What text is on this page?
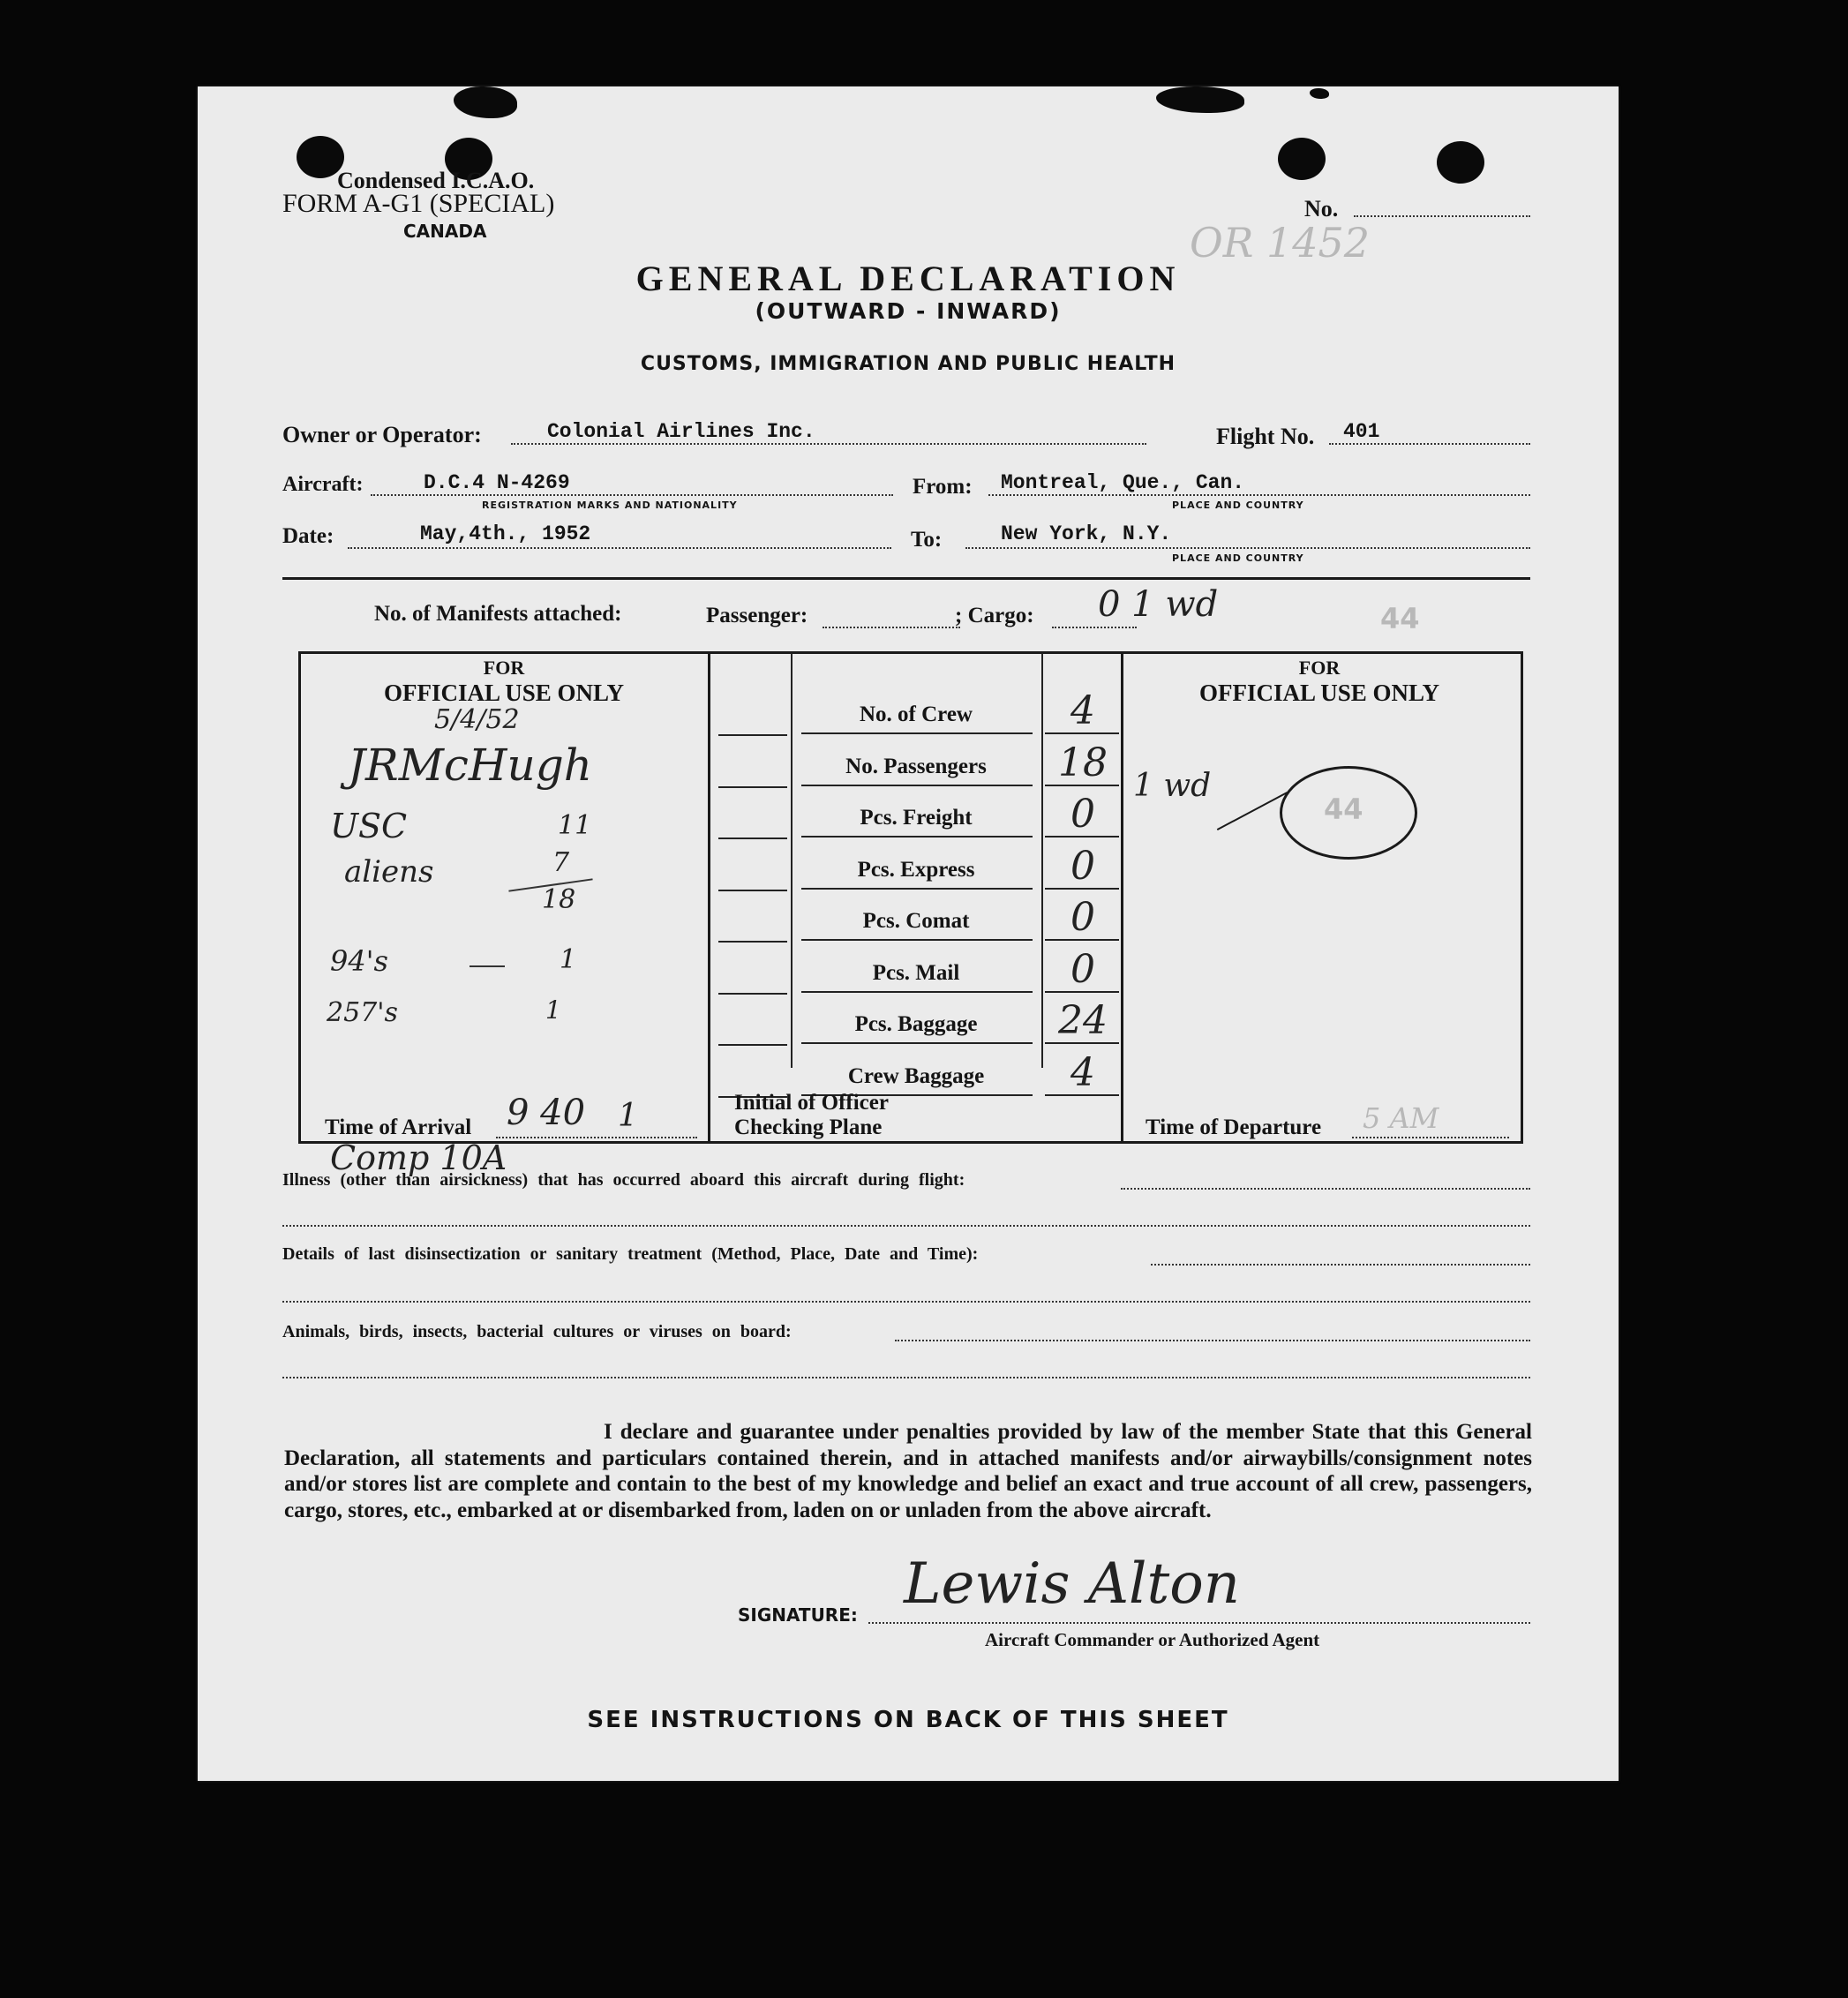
Condensed I.C.A.O.
FORM A-G1 (SPECIAL)
CANADA
No.
OR 1452
GENERAL DECLARATION
(OUTWARD - INWARD)
CUSTOMS, IMMIGRATION AND PUBLIC HEALTH
Owner or Operator:	Colonial Airlines Inc.	Flight No. 401
Aircraft:	D.C.4 N-4269
REGISTRATION MARKS AND NATIONALITY
From: Montreal, Que., Can.
PLACE AND COUNTRY
Date:	May,4th., 1952	To:	New York, N.Y.
PLACE AND COUNTRY
No. of Manifests attached:	Passenger:	; Cargo: 0 1 wd	44
FOR
OFFICIAL USE ONLY
5/4/52
JRMcHugh
USC	11
aliens	7
18
94's	1
257's	1
Time of Arrival 9 40 1
No. of Crew	4
No. Passengers	18
Pcs. Freight	0
Pcs. Express	0
Pcs. Comat	0
Pcs. Mail	0
Pcs. Baggage	24
Crew Baggage	4
1 wd
Initial of Officer
Checking Plane
FOR
OFFICIAL USE ONLY
44
Time of Departure 5 AM
Comp 10A
Illness (other than airsickness) that has occurred aboard this aircraft during flight:
Details of last disinsectization or sanitary treatment (Method, Place, Date and Time):
Animals, birds, insects, bacterial cultures or viruses on board:
I declare and guarantee under penalties provided by law of the member State that this General Declaration, all statements and particulars contained therein, and in attached manifests and/or airwaybills/consignment notes and/or stores list are complete and contain to the best of my knowledge and belief an exact and true account of all crew, passengers, cargo, stores, etc., embarked at or disembarked from, laden on or unladen from the above aircraft.
SIGNATURE: Lewis Alton
Aircraft Commander or Authorized Agent
SEE INSTRUCTIONS ON BACK OF THIS SHEET
